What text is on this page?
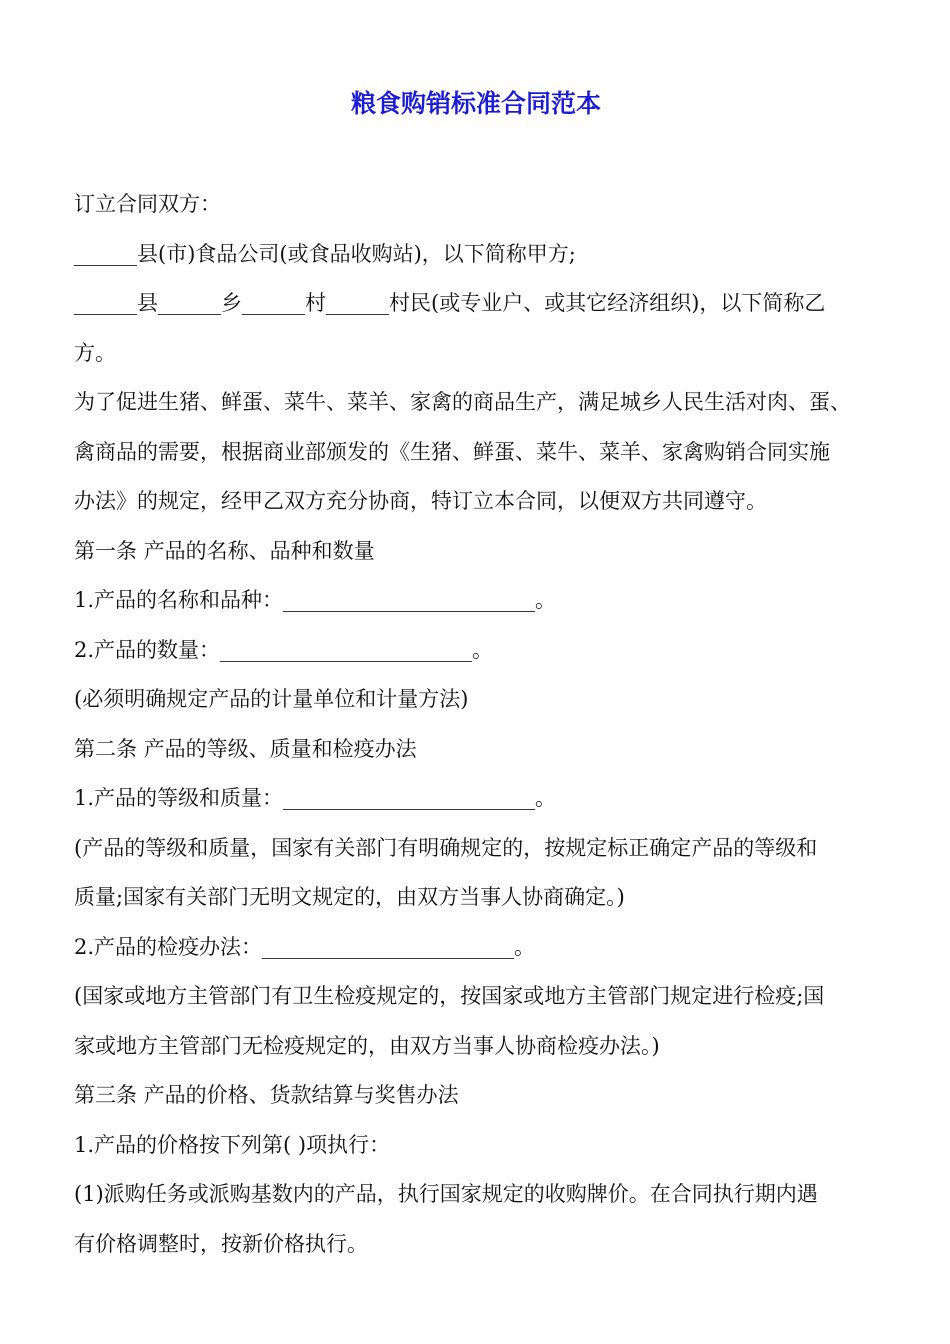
粮食购销标准合同范本
订立合同双方：
______县(市)食品公司(或食品收购站)，以下简称甲方;
______县______乡______村______村民(或专业户、或其它经济组织)，以下简称乙
方。
为了促进生猪、鲜蛋、菜牛、菜羊、家禽的商品生产，满足城乡人民生活对肉、蛋、
禽商品的需要，根据商业部颁发的《生猪、鲜蛋、菜牛、菜羊、家禽购销合同实施
办法》的规定，经甲乙双方充分协商，特订立本合同，以便双方共同遵守。
第一条 产品的名称、品种和数量
1.产品的名称和品种：________________________。
2.产品的数量：________________________。
(必须明确规定产品的计量单位和计量方法)
第二条 产品的等级、质量和检疫办法
1.产品的等级和质量：________________________。
(产品的等级和质量，国家有关部门有明确规定的，按规定标正确定产品的等级和
质量;国家有关部门无明文规定的，由双方当事人协商确定。)
2.产品的检疫办法：________________________。
(国家或地方主管部门有卫生检疫规定的，按国家或地方主管部门规定进行检疫;国
家或地方主管部门无检疫规定的，由双方当事人协商检疫办法。)
第三条 产品的价格、货款结算与奖售办法
1.产品的价格按下列第( )项执行：
(1)派购任务或派购基数内的产品，执行国家规定的收购牌价。在合同执行期内遇
有价格调整时，按新价格执行。
